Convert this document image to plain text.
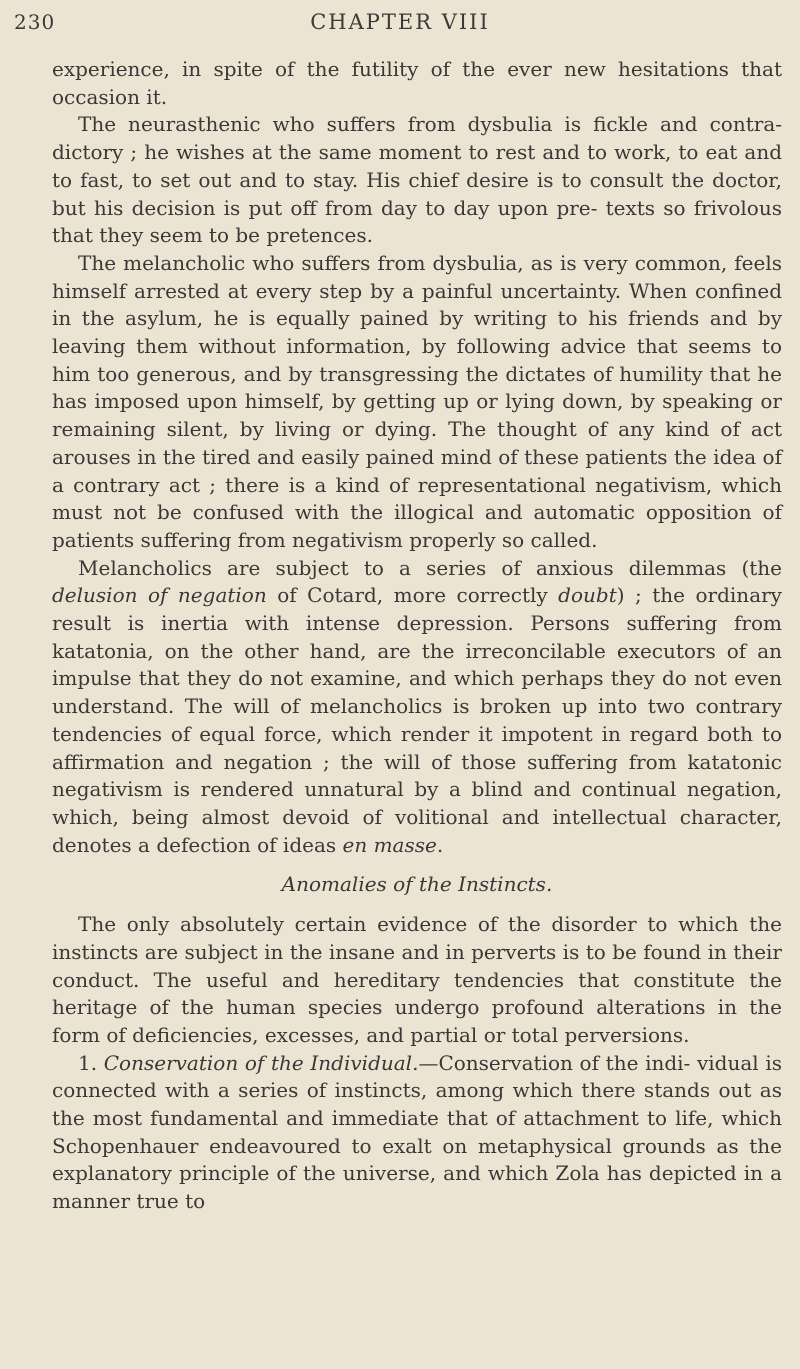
230	CHAPTER VIII

experience, in spite of the futility of the ever new hesitations that occasion it.

The neurasthenic who suffers from dysbulia is fickle and contra- dictory ; he wishes at the same moment to rest and to work, to eat and to fast, to set out and to stay. His chief desire is to consult the doctor, but his decision is put off from day to day upon pre- texts so frivolous that they seem to be pretences.

The melancholic who suffers from dysbulia, as is very common, feels himself arrested at every step by a painful uncertainty. When confined in the asylum, he is equally pained by writing to his friends and by leaving them without information, by following advice that seems to him too generous, and by transgressing the dictates of humility that he has imposed upon himself, by getting up or lying down, by speaking or remaining silent, by living or dying. The thought of any kind of act arouses in the tired and easily pained mind of these patients the idea of a contrary act ; there is a kind of representational negativism, which must not be confused with the illogical and automatic opposition of patients suffering from negativism properly so called.

Melancholics are subject to a series of anxious dilemmas (the delusion of negation of Cotard, more correctly doubt) ; the ordinary result is inertia with intense depression. Persons suffering from katatonia, on the other hand, are the irreconcilable executors of an impulse that they do not examine, and which perhaps they do not even understand. The will of melancholics is broken up into two contrary tendencies of equal force, which render it impotent in regard both to affirmation and negation ; the will of those suffering from katatonic negativism is rendered unnatural by a blind and continual negation, which, being almost devoid of volitional and intellectual character, denotes a defection of ideas en masse.

Anomalies of the Instincts.

The only absolutely certain evidence of the disorder to which the instincts are subject in the insane and in perverts is to be found in their conduct. The useful and hereditary tendencies that constitute the heritage of the human species undergo profound alterations in the form of deficiencies, excesses, and partial or total perversions.

1. Conservation of the Individual.—Conservation of the indi- vidual is connected with a series of instincts, among which there stands out as the most fundamental and immediate that of attachment to life, which Schopenhauer endeavoured to exalt on metaphysical grounds as the explanatory principle of the universe, and which Zola has depicted in a manner true to
